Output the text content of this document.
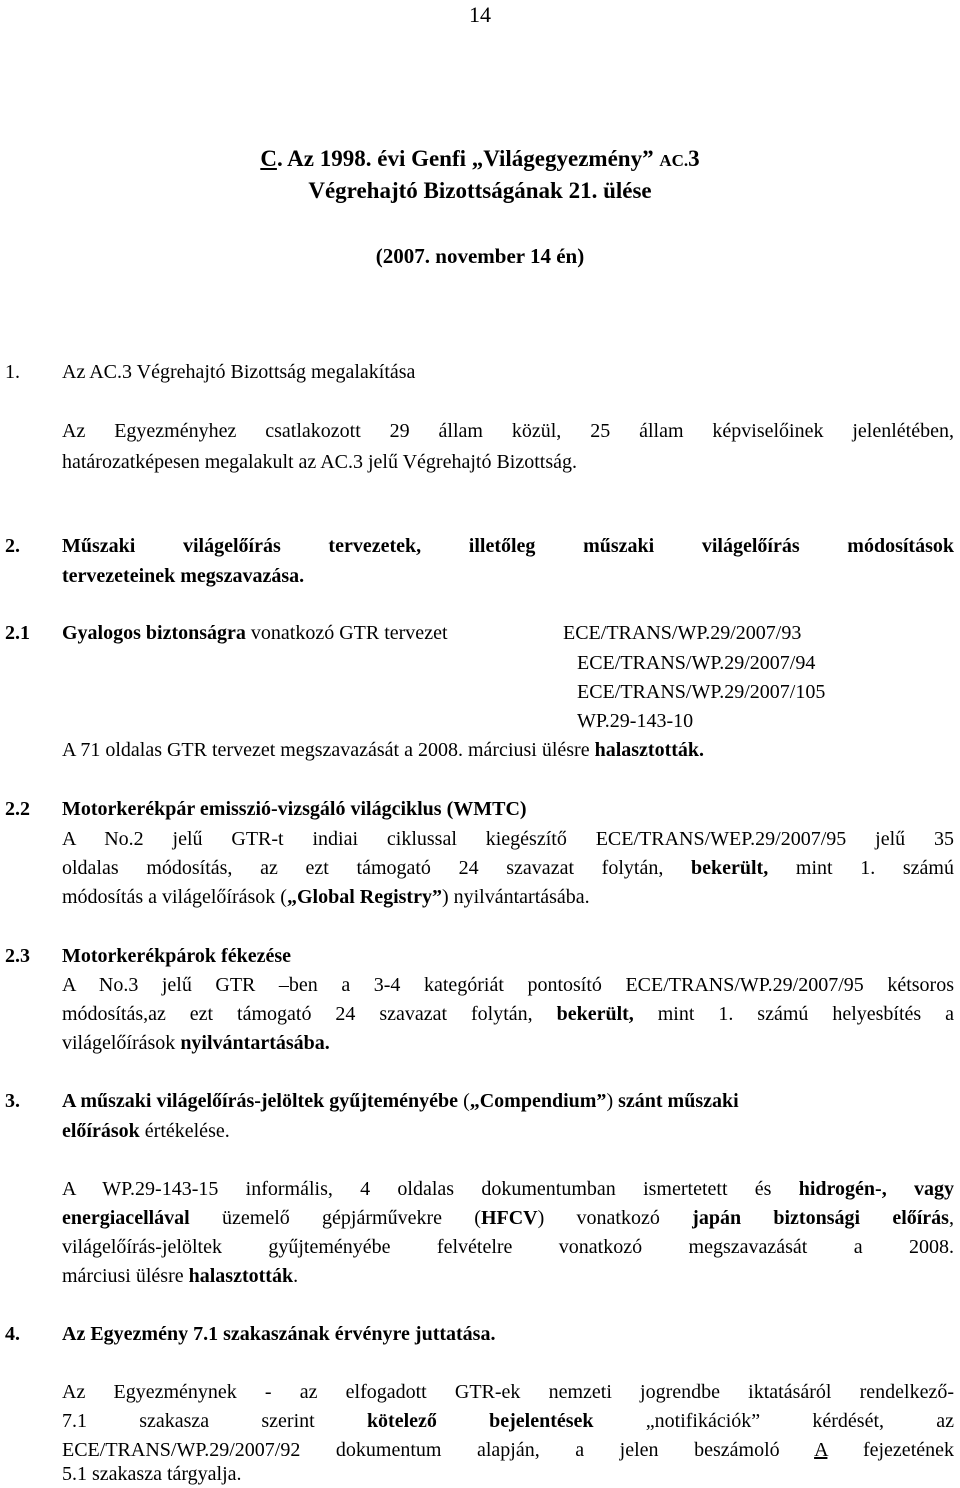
14
C. Az 1998. évi Genfi „Világegyezmény” AC.3
Végrehajtó Bizottságának 21. ülése
(2007. november 14 én)
1. Az AC.3 Végrehajtó Bizottság megalakítása
Az Egyezményhez csatlakozott 29 állam közül, 25 állam képviselőinek jelenlétében,
határozatképesen megalakult az AC.3 jelű Végrehajtó Bizottság.
2. Műszaki világelőírás tervezetek, illetőleg műszaki világelőírás módosítások
tervezeteinek megszavazása.
2.1 Gyalogos biztonságra vonatkozó GTR tervezet	ECE/TRANS/WP.29/2007/93
ECE/TRANS/WP.29/2007/94
ECE/TRANS/WP.29/2007/105
WP.29-143-10
A 71 oldalas GTR tervezet megszavazását a 2008. márciusi ülésre halasztották.
2.2 Motorkerékpár emisszió-vizsgáló világciklus (WMTC)
A No.2 jelű GTR-t indiai ciklussal kiegészítő ECE/TRANS/WEP.29/2007/95 jelű 35
oldalas módosítás, az ezt támogató 24 szavazat folytán, bekerült, mint 1. számú
módosítás a világelőírások („Global Registry”) nyilvántartásába.
2.3 Motorkerékpárok fékezése
A No.3 jelű GTR –ben a 3-4 kategóriát pontosító ECE/TRANS/WP.29/2007/95 kétsoros
módosítás,az ezt támogató 24 szavazat folytán, bekerült, mint 1. számú helyesbítés a
világelőírások nyilvántartásába.
3. A műszaki világelőírás-jelöltek gyűjteményébe („Compendium”) szánt műszaki
előírások értékelése.
A WP.29-143-15 informális, 4 oldalas dokumentumban ismertetett és hidrogén-, vagy
energiacellával üzemelő gépjárművekre (HFCV) vonatkozó japán biztonsági előírás,
világelőírás-jelöltek gyűjteményébe felvételre vonatkozó megszavazását a 2008.
márciusi ülésre halasztották.
4. Az Egyezmény 7.1 szakaszának érvényre juttatása.
Az Egyezménynek - az elfogadott GTR-ek nemzeti jogrendbe iktatásáról rendelkező-
7.1 szakasza szerint kötelező bejelentések „notifikációk” kérdését, az
ECE/TRANS/WP.29/2007/92 dokumentum alapján, a jelen beszámoló A fejezetének
5.1 szakasza tárgyalja.
